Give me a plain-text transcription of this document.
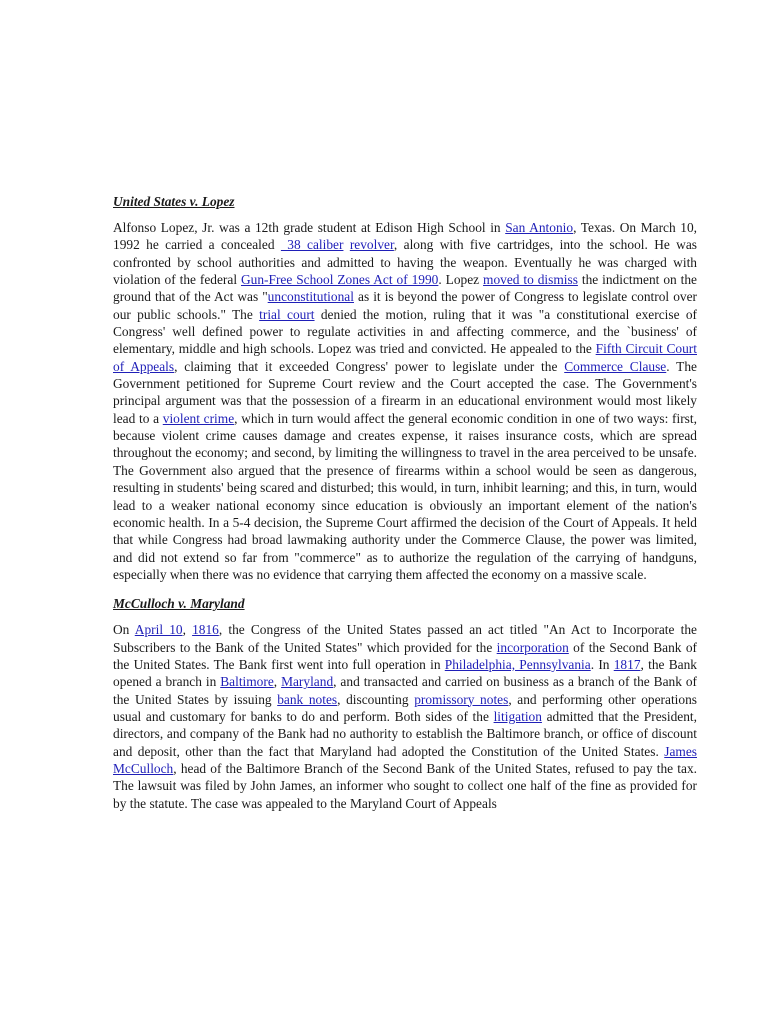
United States v. Lopez

Alfonso Lopez, Jr. was a 12th grade student at Edison High School in San Antonio, Texas. On March 10, 1992 he carried a concealed  38 caliber revolver, along with five cartridges, into the school. He was confronted by school authorities and admitted to having the weapon. Eventually he was charged with violation of the federal Gun-Free School Zones Act of 1990. Lopez moved to dismiss the indictment on the ground that of the Act was "unconstitutional as it is beyond the power of Congress to legislate control over our public schools." The trial court denied the motion, ruling that it was "a constitutional exercise of Congress' well defined power to regulate activities in and affecting commerce, and the `business' of elementary, middle and high schools. Lopez was tried and convicted. He appealed to the Fifth Circuit Court of Appeals, claiming that it exceeded Congress' power to legislate under the Commerce Clause. The Government petitioned for Supreme Court review and the Court accepted the case. The Government's principal argument was that the possession of a firearm in an educational environment would most likely lead to a violent crime, which in turn would affect the general economic condition in one of two ways: first, because violent crime causes damage and creates expense, it raises insurance costs, which are spread throughout the economy; and second, by limiting the willingness to travel in the area perceived to be unsafe. The Government also argued that the presence of firearms within a school would be seen as dangerous, resulting in students' being scared and disturbed; this would, in turn, inhibit learning; and this, in turn, would lead to a weaker national economy since education is obviously an important element of the nation's economic health. In a 5-4 decision, the Supreme Court affirmed the decision of the Court of Appeals. It held that while Congress had broad lawmaking authority under the Commerce Clause, the power was limited, and did not extend so far from "commerce" as to authorize the regulation of the carrying of handguns, especially when there was no evidence that carrying them affected the economy on a massive scale.

McCulloch v. Maryland

On April 10, 1816, the Congress of the United States passed an act titled "An Act to Incorporate the Subscribers to the Bank of the United States" which provided for the incorporation of the Second Bank of the United States. The Bank first went into full operation in Philadelphia, Pennsylvania. In 1817, the Bank opened a branch in Baltimore, Maryland, and transacted and carried on business as a branch of the Bank of the United States by issuing bank notes, discounting promissory notes, and performing other operations usual and customary for banks to do and perform. Both sides of the litigation admitted that the President, directors, and company of the Bank had no authority to establish the Baltimore branch, or office of discount and deposit, other than the fact that Maryland had adopted the Constitution of the United States. James McCulloch, head of the Baltimore Branch of the Second Bank of the United States, refused to pay the tax. The lawsuit was filed by John James, an informer who sought to collect one half of the fine as provided for by the statute. The case was appealed to the Maryland Court of Appeals
